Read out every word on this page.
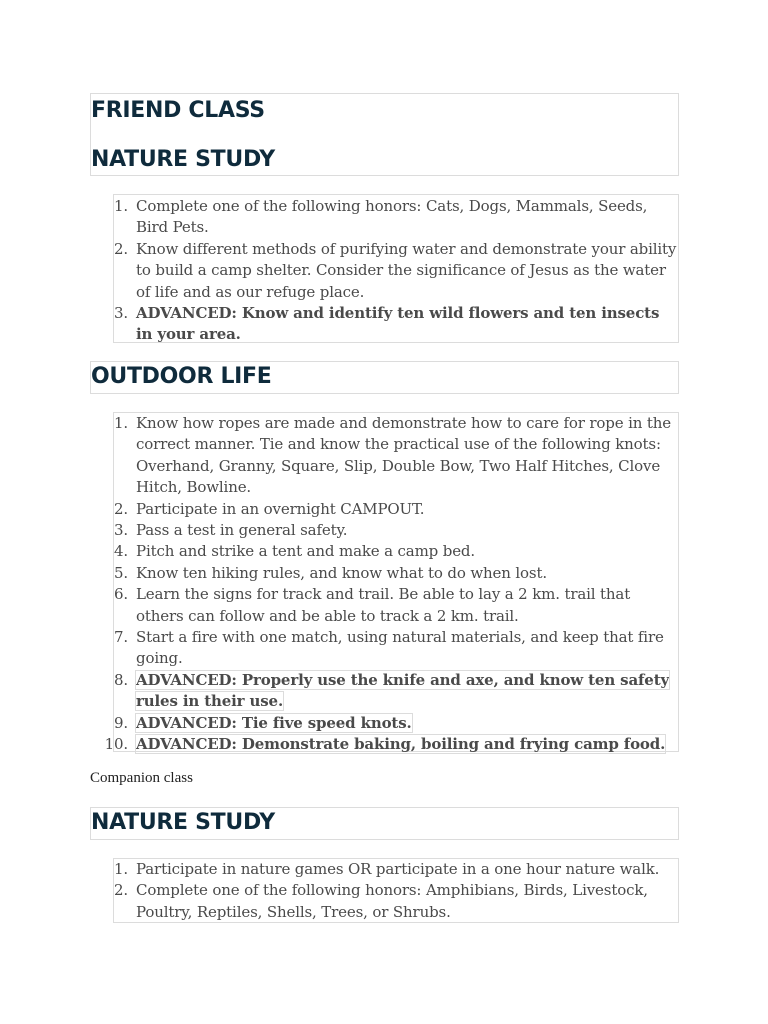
FRIEND CLASS
NATURE STUDY
1. Complete one of the following honors: Cats, Dogs, Mammals, Seeds, Bird Pets.
2. Know different methods of purifying water and demonstrate your ability to build a camp shelter. Consider the significance of Jesus as the water of life and as our refuge place.
3. ADVANCED: Know and identify ten wild flowers and ten insects in your area.
OUTDOOR LIFE
1. Know how ropes are made and demonstrate how to care for rope in the correct manner. Tie and know the practical use of the following knots: Overhand, Granny, Square, Slip, Double Bow, Two Half Hitches, Clove Hitch, Bowline.
2. Participate in an overnight CAMPOUT.
3. Pass a test in general safety.
4. Pitch and strike a tent and make a camp bed.
5. Know ten hiking rules, and know what to do when lost.
6. Learn the signs for track and trail. Be able to lay a 2 km. trail that others can follow and be able to track a 2 km. trail.
7. Start a fire with one match, using natural materials, and keep that fire going.
8. ADVANCED: Properly use the knife and axe, and know ten safety rules in their use.
9. ADVANCED: Tie five speed knots.
10. ADVANCED: Demonstrate baking, boiling and frying camp food.
Companion class
NATURE STUDY
1. Participate in nature games OR participate in a one hour nature walk.
2. Complete one of the following honors: Amphibians, Birds, Livestock, Poultry, Reptiles, Shells, Trees, or Shrubs.
